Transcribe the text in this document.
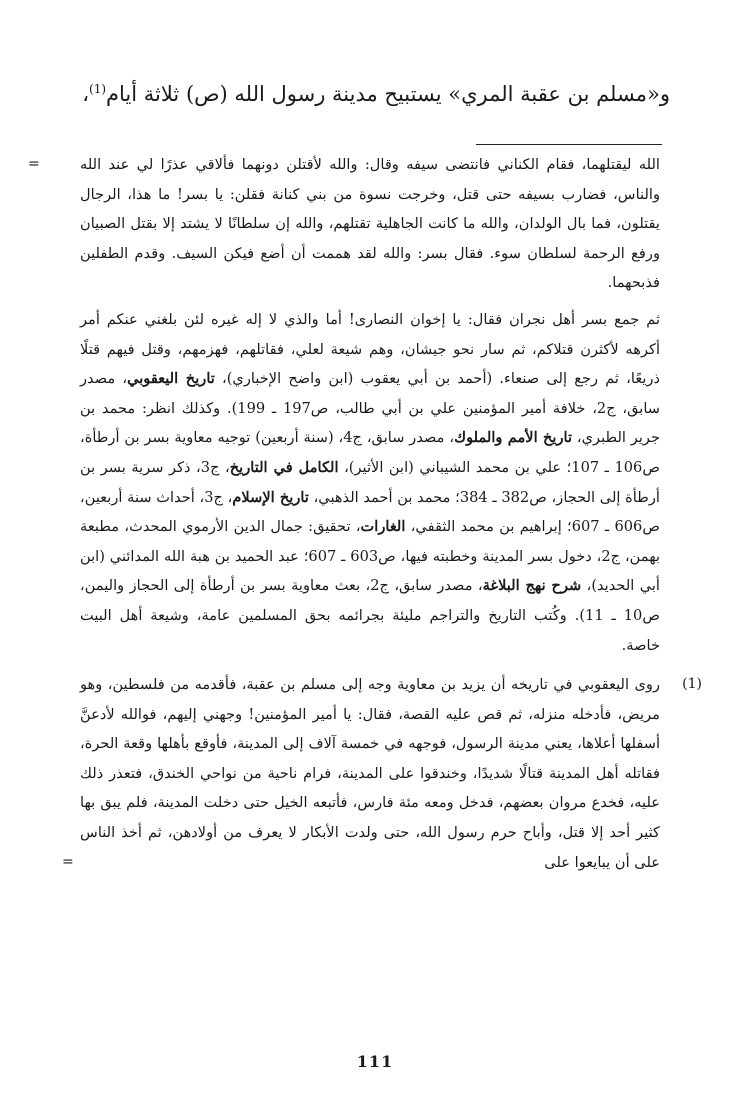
و«مسلم بن عقبة المري» يستبيح مدينة رسول الله (ص) ثلاثة أيام$^{(1)}$،
=	الله ليقتلهما، فقام الكناني فانتضى سيفه وقال: والله لأقتلن دونهما فألاقي عذرًا لي عند الله والناس، فضارب بسيفه حتى قتل، وخرجت نسوة من بني كنانة فقلن: يا بسر! ما هذا، الرجال يقتلون، فما بال الولدان، والله ما كانت الجاهلية تقتلهم، والله إن سلطانًا لا يشتد إلا بقتل الصبيان ورفع الرحمة لسلطان سوء. فقال بسر: والله لقد هممت أن أضع فيكن السيف. وقدم الطفلين فذبحهما.

ثم جمع بسر أهل نجران فقال: يا إخوان النصارى! أما والذي لا إله غيره لئن بلغني عنكم أمر أكرهه لأكثرن قتلاكم، ثم سار نحو جيشان، وهم شيعة لعلي، فقاتلهم، فهزمهم، وقتل فيهم قتلًا ذريعًا، ثم رجع إلى صنعاء. (أحمد بن أبي يعقوب (ابن واضح الإخباري)، تاريخ اليعقوبي، مصدر سابق، ج2، خلافة أمير المؤمنين علي بن أبي طالب، ص197 ـ 199). وكذلك انظر: محمد بن جرير الطبري، تاريخ الأمم والملوك، مصدر سابق، ج4، (سنة أربعين) توجيه معاوية بسر بن أرطأة، ص106 ـ 107؛ علي بن محمد الشيباني (ابن الأثير)، الكامل في التاريخ، ج3، ذكر سرية بسر بن أرطأة إلى الحجاز، ص382 ـ 384؛ محمد بن أحمد الذهبي، تاريخ الإسلام، ج3، أحداث سنة أربعين، ص606 ـ 607؛ إبراهيم بن محمد الثقفي، الغارات، تحقيق: جمال الدين الأرموي المحدث، مطبعة بهمن، ج2، دخول بسر المدينة وخطبته فيها، ص603 ـ 607؛ عبد الحميد بن هبة الله المدائني (ابن أبي الحديد)، شرح نهج البلاغة، مصدر سابق، ج2، بعث معاوية بسر بن أرطأة إلى الحجاز واليمن، ص10 ـ 11). وكُتب التاريخ والتراجم مليئة بجرائمه بحق المسلمين عامة، وشيعة أهل البيت خاصة.

(1)

روى اليعقوبي في تاريخه أن يزيد بن معاوية وجه إلى مسلم بن عقبة، فأقدمه من فلسطين، وهو مريض، فأدخله منزله، ثم قص عليه القصة، فقال: يا أمير المؤمنين! وجهني إليهم، فوالله لأدعنَّ أسفلها أعلاها، يعني مدينة الرسول، فوجهه في خمسة آلاف إلى المدينة، فأوقع بأهلها وقعة الحرة، فقاتله أهل المدينة قتالًا شديدًا، وخندقوا على المدينة، فرام ناحية من نواحي الخندق، فتعذر ذلك عليه، فخدع مروان بعضهم، فدخل ومعه مئة فارس، فأتبعه الخيل حتى دخلت المدينة، فلم يبق بها كثير أحد إلا قتل، وأباح حرم رسول الله، حتى ولدت الأبكار لا يعرف من أولادهن، ثم أخذ الناس على أن يبايعوا على

=
111
